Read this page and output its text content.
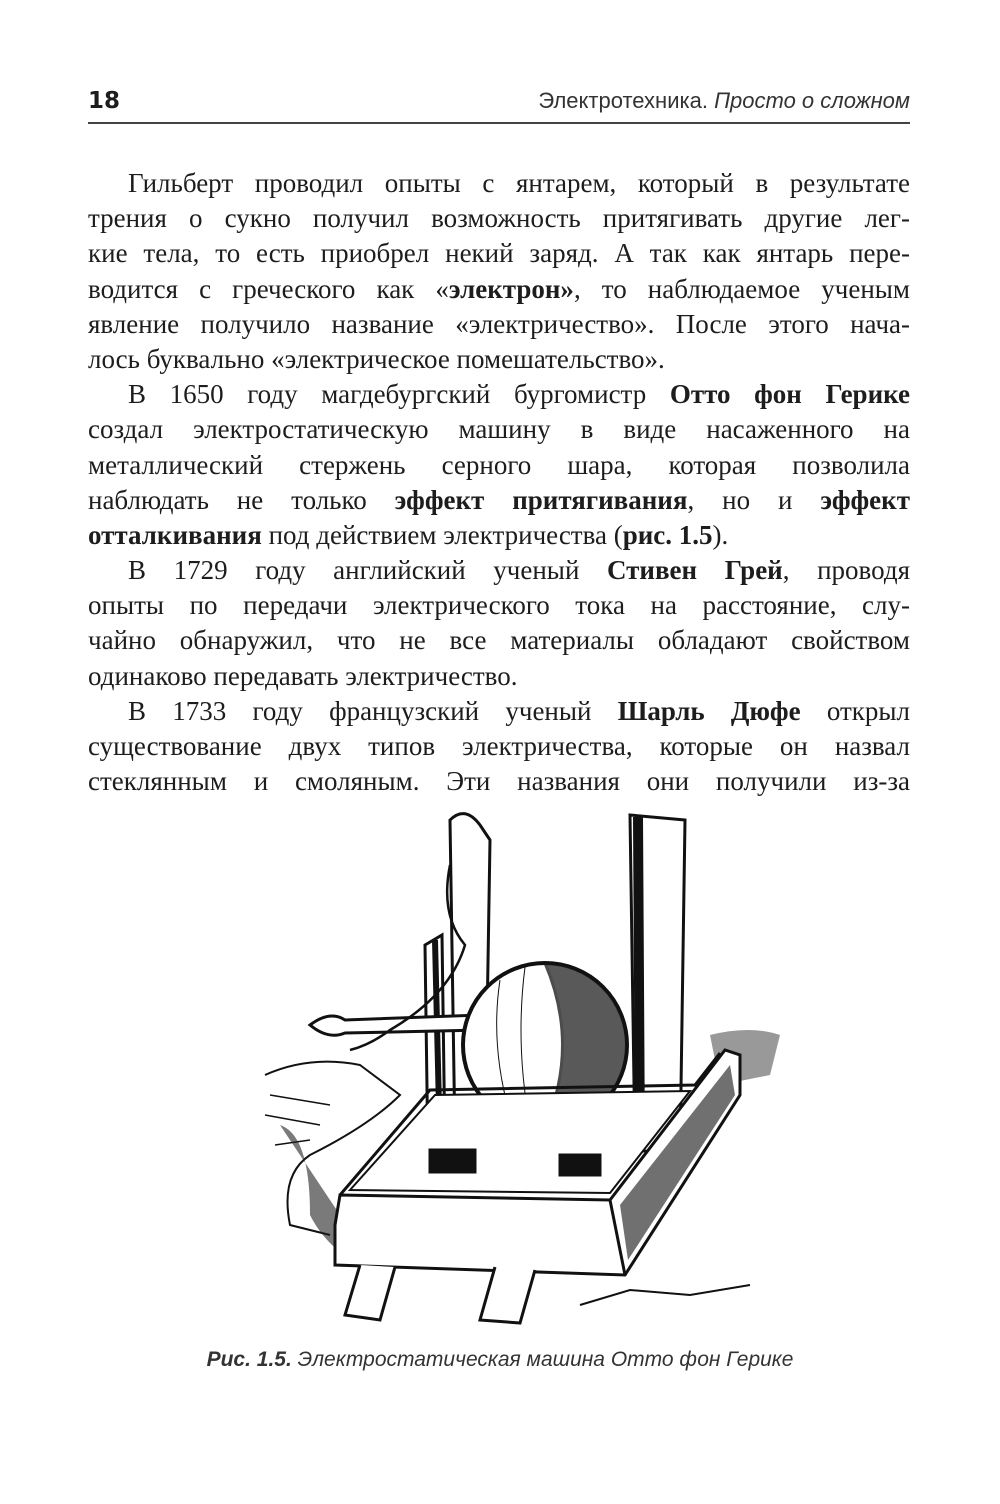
18	Электротехника. Просто о сложном
Гильберт проводил опыты с янтарем, который в результате
трения о сукно получил возможность притягивать другие лег-
кие тела, то есть приобрел некий заряд. А так как янтарь пере-
водится с греческого как «электрон», то наблюдаемое ученым
явление получило название «электричество». После этого нача-
лось буквально «электрическое помешательство».
В 1650 году магдебургский бургомистр Отто фон Герике
создал электростатическую машину в виде насаженного на
металлический стержень серного шара, которая позволила
наблюдать не только эффект притягивания, но и эффект
отталкивания под действием электричества (рис. 1.5).
В 1729 году английский ученый Стивен Грей, проводя
опыты по передачи электрического тока на расстояние, слу-
чайно обнаружил, что не все материалы обладают свойством
одинаково передавать электричество.
В 1733 году французский ученый Шарль Дюфе открыл
существование двух типов электричества, которые он назвал
стеклянным и смоляным. Эти названия они получили из-за
Рис. 1.5. Электростатическая машина Отто фон Герике
